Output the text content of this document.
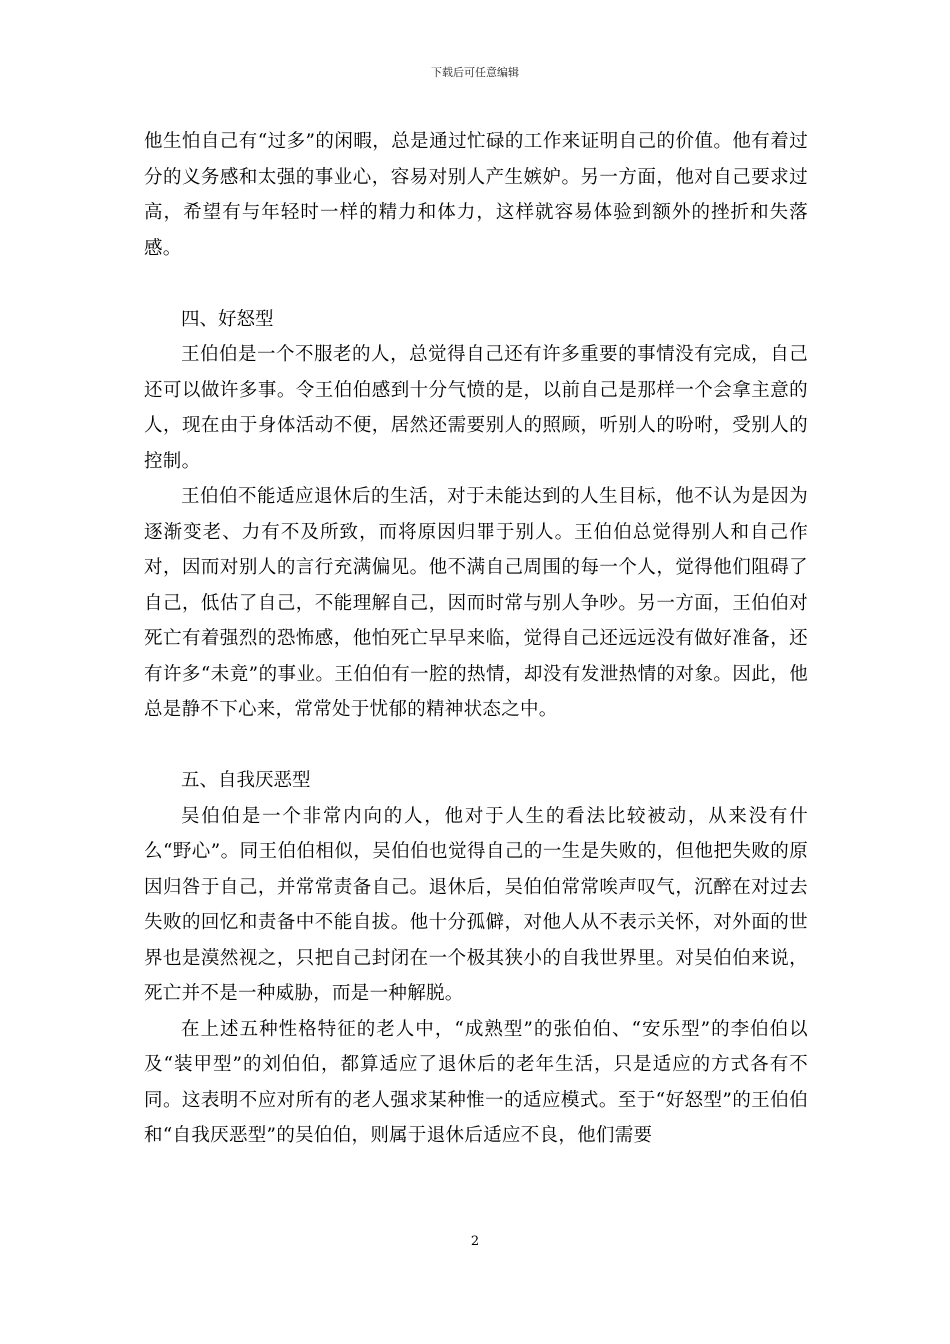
下载后可任意编辑

他生怕自己有“过多”的闲暇，总是通过忙碌的工作来证明自己的价值。他有着过分的义务感和太强的事业心，容易对别人产生嫉妒。另一方面，他对自己要求过高，希望有与年轻时一样的精力和体力，这样就容易体验到额外的挫折和失落感。

四、好怒型

王伯伯是一个不服老的人，总觉得自己还有许多重要的事情没有完成，自己还可以做许多事。令王伯伯感到十分气愤的是，以前自己是那样一个会拿主意的人，现在由于身体活动不便，居然还需要别人的照顾，听别人的吩咐，受别人的控制。

王伯伯不能适应退休后的生活，对于未能达到的人生目标，他不认为是因为逐渐变老、力有不及所致，而将原因归罪于别人。王伯伯总觉得别人和自己作对，因而对别人的言行充满偏见。他不满自己周围的每一个人，觉得他们阻碍了自己，低估了自己，不能理解自己，因而时常与别人争吵。另一方面，王伯伯对死亡有着强烈的恐怖感，他怕死亡早早来临，觉得自己还远远没有做好准备，还有许多“未竟”的事业。王伯伯有一腔的热情，却没有发泄热情的对象。因此，他总是静不下心来，常常处于忧郁的精神状态之中。

五、自我厌恶型

吴伯伯是一个非常内向的人，他对于人生的看法比较被动，从来没有什么“野心”。同王伯伯相似，吴伯伯也觉得自己的一生是失败的，但他把失败的原因归咎于自己，并常常责备自己。退休后，吴伯伯常常唉声叹气，沉醉在对过去失败的回忆和责备中不能自拔。他十分孤僻，对他人从不表示关怀，对外面的世界也是漠然视之，只把自己封闭在一个极其狭小的自我世界里。对吴伯伯来说，死亡并不是一种威胁，而是一种解脱。

在上述五种性格特征的老人中，“成熟型”的张伯伯、“安乐型”的李伯伯以及“装甲型”的刘伯伯，都算适应了退休后的老年生活，只是适应的方式各有不同。这表明不应对所有的老人强求某种惟一的适应模式。至于“好怒型”的王伯伯和“自我厌恶型”的吴伯伯，则属于退休后适应不良，他们需要

2
